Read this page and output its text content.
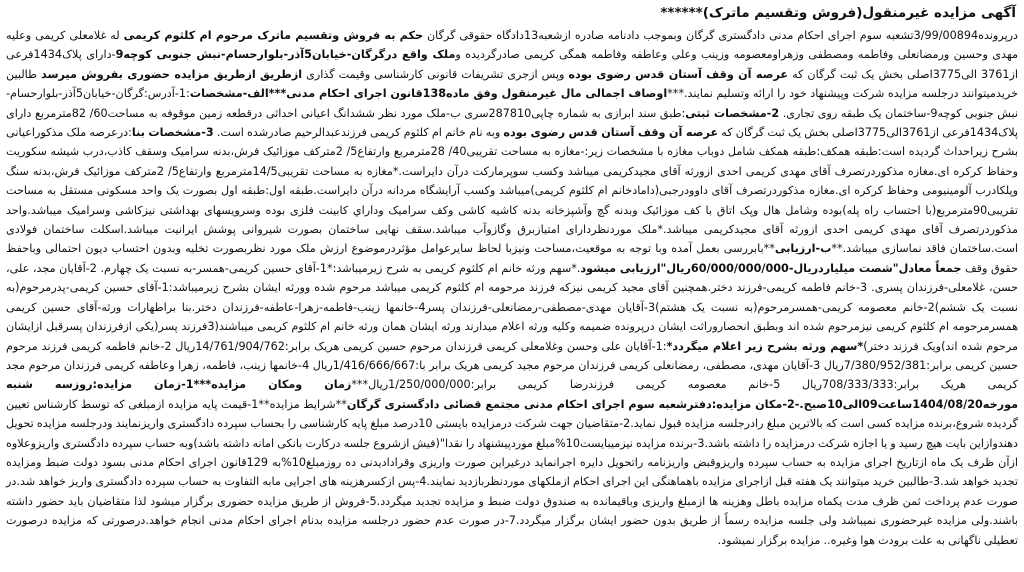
آگهی مزایده غیرمنقول(فروش وتقسیم ماترک)******

درپرونده3/99/00894تشعبه سوم اجرای احکام مدنی دادگستری گرگان وبموجب دادنامه صادره ازشعبه13دادگاه حقوقی گرگان حکم به فروش وتقسیم ماترک مرحوم ام کلثوم کریمی له غلامعلی کریمی وعلیه مهدی وحسین ورمضانعلی وفاطمه ومصطفی وزهراومعصومه وزینب وعلی وعاطفه وفاطمه همگی کریمی صادرگردیده وملک واقع درگرگان-خیابان5آذر-بلوارحسام-نبش جنوبی کوچه9-دارای پلاک1434فرعی از3761 الی3775اصلی بخش یک ثبت گرگان که عرصه آن وقف آستان قدس رضوی بوده وپس ازجری تشریفات قانونی کارشناسی وقیمت گذاری ازطریق ازطریق مزایده حضوری بفروش میرسد طالبین خریدمیتوانند درجلسه مزایده شرکت وپیشنهاد خود را ارائه وتسلیم نمایند.***اوصاف اجمالی مال غیرمنقول وفق ماده138قانون اجرای احکام مدنی***الف-مشخصات:1-آدرس:گرگان-خیابان5آذر-بلوارحسام-نبش جنوبی کوچه9-ساختمان یک طبقه روی تجاری. 2-مشخصات ثبتی:طبق سند ابرازی به شماره چاپی287810سری ب-ملک مورد نظر ششدانگ اعیانی احداثی درقطعه زمین موقوفه به مساحت60/ 82مترمربع دارای پلاک1434فرعی از3761الی3775اصلی بخش یک ثبت گرگان که عرصه آن وقف آستان قدس رضوی بوده وبه نام خانم ام کلثوم کریمی فرزندعبدالرحیم صادرشده است. 3-مشخصات بنا:درعرصه ملک مذکوراعیانی بشرح زیراحداث گردیده است:طبقه همکف:طبقه همکف شامل دوباب مغازه با مشخصات زیر:-مغازه به مساحت تقریبی40/ 28مترمربع وارتفاع5/ 2مترکف موزائیک فرش،بدنه سرامیک وسقف کاذب،درب شیشه سکوریت وحفاظ کرکره ای.مغازه مذکوردرتصرف آقای مهدی کریمی احدی ازورثه آقای مجیدکریمی میباشد وکسب سوپرمارکت درآن دایراست.*مغازه به مساحت تقریبی14/5مترمربع وارتفاع5/ 2مترکف موزائیک فرش،بدنه سنگ وپلکادرب آلومینیومی وحفاظ کرکره ای.مغازه مذکوردرتصرف آقای داوودرجبی(دامادخانم ام کلثوم کریمی)میباشد وکسب آرایشگاه مردانه درآن دایراست.طبقه اول:طبقه اول بصورت یک واحد مسکونی مستقل به مساحت تقریبی90مترمربع(با احتساب راه پله)بوده وشامل هال وپک اتاق با کف موزائیک وبدنه گچ وآشپزخانه بدنه کاشیه کاشی وکف سرامیک وداراي کابینت فلزی بوده وسرویسهای بهداشتی نیزکاشی وسرامیک میباشد.واحد مذکوردرتصرف آقای مهدی کریمی احدی ازورثه آقای مجیدکریمی میباشد.*ملک موردنظردارای امتیازبرق وگازوآب میباشد.سقف نهایی ساختمان بصورت شیروانی پوشش ایرانیت میباشد.اسکلت ساختمان فولادی است.ساختمان فاقد نماسازی میباشد.**ب-ارزیابی**بابررسی بعمل آمده وبا توجه به موقعیت،مساحت ونیزبا لحاظ سایرعوامل مؤثردرموضوع ارزش ملک مورد نظربصورت تخلیه وبدون احتساب دیون احتمالی وباحفظ حقوق وقف جمعاً معادل"شصت میلیاردریال-60/000/000/000ریال"ارزیابی میشود.*سهم ورثه خانم ام کلثوم کریمی به شرح زیرمیباشد:*1-آقای حسین کریمی-همسر-به نسبت یک چهارم. 2-آقایان مجد، علی، حسن، غلامعلی-فرزندان پسری. 3-خانم فاطمه کریمی-فرزند دختر.همچنین آقای مجید کریمی نیزکه فرزند مرحومه ام کلثوم کریمی میباشد مرحوم شده وورثه ایشان بشرح زیرمیباشد:1-آقای حسین کریمی-پدرمرحوم(به نسبت یک ششم)2-خانم معصومه کریمی-همسرمرحوم(به نسبت یک هشتم)3-آقایان مهدی-مصطفی-رمضانعلی-فرزندان پسر4-خانمها زینب-فاطمه-زهرا-عاطفه-فرزندان دختر.بنا براطهارات ورثه-آقای حسین کریمی همسرمرحومه ام کلثوم کریمی نیزمرحوم شده اند وبطبق انحصاروراثت ایشان درپرونده ضمیمه وکلیه ورثه اعلام میدارند ورثه ایشان همان ورثه خانم ام کلثوم کریمی میباشند(3فرزند پسر(یکی ازفرزندان پسرقبل ازایشان مرحوم شده اند)ویک فرزند دختر)*سهم ورثه بشرح زیر اعلام میگردد*:1-آقایان علی وحسن وغلامعلی کریمی فرزندان مرحوم حسین کریمی هریک برابر:14/761/904/762ریال 2-خانم فاطمه کریمی فرزند مرحوم حسین کریمی برابر:7/380/952/381ریال 3-آقایان مهدی، مصطفی، رمضانعلی کریمی فرزندان مرحوم مجید کریمی هریک برابر با:1/416/666/667ریال 4-خانمها زینب، فاطمه، زهرا وعاطفه کریمی فرزندان مرحوم مجد کریمی هریک برابر:708/333/333ریال 5-خانم معصومه کریمی فرزندرضا کریمی برابر:1/250/000/000ریال***زمان ومکان مزایده***1-زمان مزایده:روزسه شنبه مورخه1404/08/20ساعت09الی10صبح.-2-مکان مزایده:دفترشعبه سوم اجرای احکام مدنی مجتمع قضائی دادگستری گرگان**شرایط مزایده**1-قیمت پایه مزایده ازمبلغی که توسط کارشناس تعیین گردیده شروع،برنده مزایده کسی است که بالاترین مبلغ رادرجلسه مزایده قبول نماید.2-متقاضیان جهت شرکت درمزایده بایستی 10درصد مبلغ پایه کارشناسی را بحساب سپرده دادگستری واریزنمایند ودرجلسه مزایده تحویل دهندوازاین بایت هیچ رسید و یا اجازه شرکت درمزایده را داشته باشد.3-برنده مزایده نیزمیبایست10%مبلغ موردپیشنهاد را نقدا"(فیش ازشروع جلسه درکارت بانکی امانه داشته باشد)وبه حساب سپرده دادگستری واریزوعلاوه ازآن ظرف یک ماه ازتاریخ اجرای مزایده به حساب سپرده واریزوقبض واریزنامه راتحویل دایره اجرانماید درغیراین صورت واریزی وقرادادیدنی ده روزمبلغ10%به 129قانون اجرای احکام مدنی بسود دولت ضبط ومزایده تجدید خواهد شد.3-طالبین خرید میتوانند یک هفته قبل ازاجرای مزایده باهماهنگی این اجرای احکام ازملکهای موردنظربازدید نمایند.4-پس ازکسرهزینه های اجرایی مابه التفاوت به حساب سپرده دادگستری واریز خواهد شد.در صورت عدم پرداخت ثمن ظرف مدت یکماه مزایده باطل وهزینه ها ازمبلغ واریزی وباقیمانده به صندوق دولت ضبط و مزایده تجدید میگردد.5-فروش از طریق مزایده حضوری برگزار میشود لذا متقاضیان باید حضور داشته باشند.ولی مزایده غیرحضوری نمیباشد ولی جلسه مزایده رسماً از طریق بدون حضور ایشان برگزار میگردد.7-در صورت عدم حضور درجلسه مزایده بدنام اجرای احکام مدنی انجام خواهد.درصورتی که مزایده درصورت تعطیلی ناگهانی به علت برودت هوا وغیره.. مزایده برگزار نمیشود.
